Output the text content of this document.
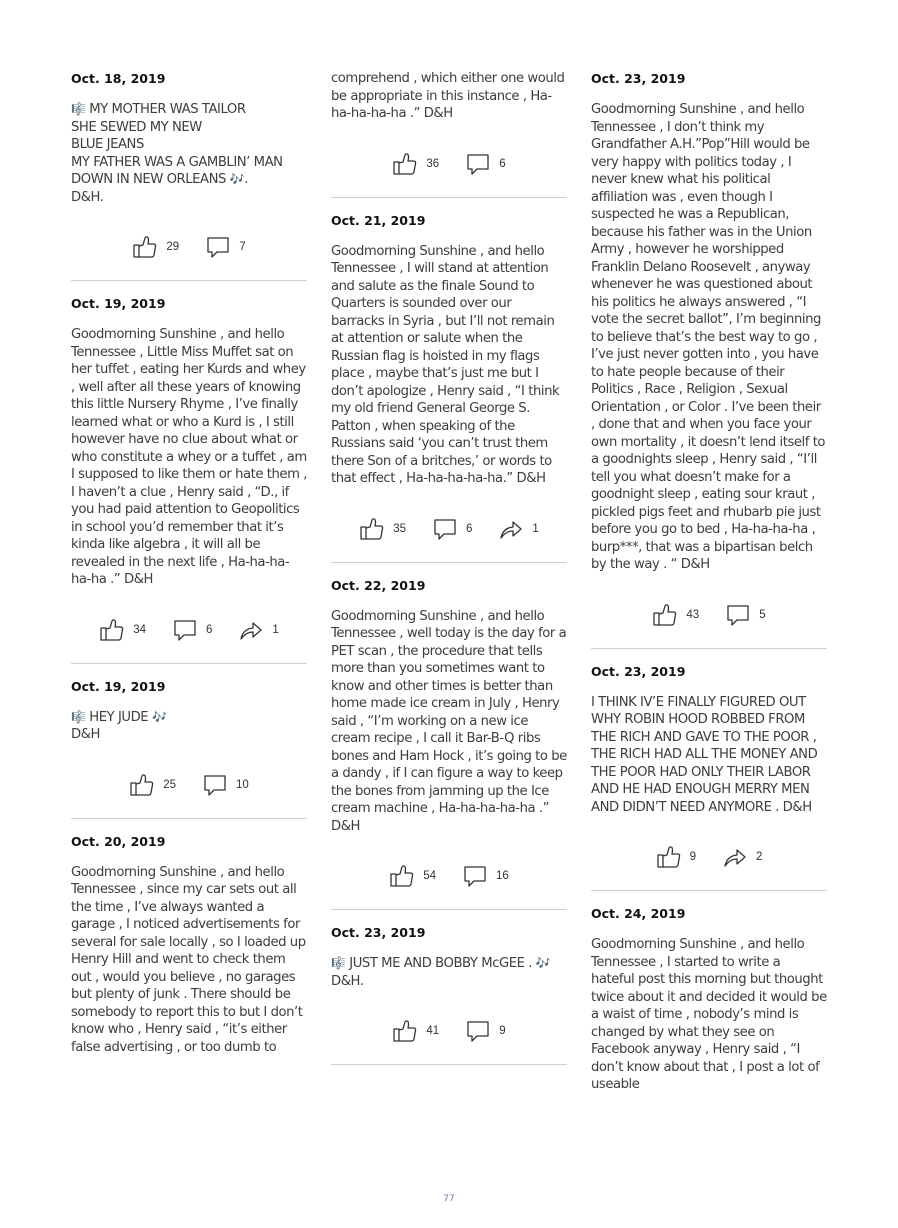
Oct. 18, 2019
🎼 MY MOTHER WAS TAILOR
SHE SEWED MY NEW
BLUE JEANS
MY FATHER WAS A GAMBLIN’ MAN
DOWN IN NEW ORLEANS 🎶.
D&H.
29	7
Oct. 19, 2019
Goodmorning Sunshine , and hello Tennessee , Little Miss Muffet sat on her tuffet , eating her Kurds and whey , well after all these years of knowing this little Nursery Rhyme , I’ve finally learned what or who a Kurd is , I still however have no clue about what or who constitute a whey or a tuffet , am I supposed to like them or hate them , I haven’t a clue , Henry said , “D., if you had paid attention to Geopolitics in school you’d remember that it’s kinda like algebra , it will all be revealed in the next life , Ha-ha-ha-ha-ha .” D&H
34	6	1
Oct. 19, 2019
🎼 HEY JUDE 🎶
D&H
25	10
Oct. 20, 2019
Goodmorning Sunshine , and hello Tennessee , since my car sets out all the time , I’ve always wanted a garage , I noticed advertisements for several for sale locally , so I loaded up Henry Hill and went to check them out , would you believe , no garages but plenty of junk . There should be somebody to report this to but I don’t know who , Henry said , “it’s either false advertising , or too dumb to
comprehend , which either one would be appropriate in this instance , Ha-ha-ha-ha-ha .” D&H
36	6
Oct. 21, 2019
Goodmorning Sunshine , and hello Tennessee , I will stand at attention and salute as the finale Sound to Quarters is sounded over our barracks in Syria , but I’ll not remain at attention or salute when the Russian flag is hoisted in my flags place , maybe that’s just me but I don’t apologize , Henry said , “I think my old friend General George S. Patton , when speaking of the Russians said ‘you can’t trust them there Son of a britches,’ or words to that effect , Ha-ha-ha-ha-ha.” D&H
35	6	1
Oct. 22, 2019
Goodmorning Sunshine , and hello Tennessee , well today is the day for a PET scan , the procedure that tells more than you sometimes want to know and other times is better than home made ice cream in July , Henry said , “I’m working on a new ice cream recipe , I call it Bar-B-Q ribs bones and Ham Hock , it’s going to be a dandy , if I can figure a way to keep the bones from jamming up the Ice cream machine , Ha-ha-ha-ha-ha .” D&H
54	16
Oct. 23, 2019
🎼 JUST ME AND BOBBY McGEE . 🎶
D&H.
41	9
Oct. 23, 2019
Goodmorning Sunshine , and hello Tennessee , I don’t think my Grandfather A.H.”Pop”Hill would be very happy with politics today , I never knew what his political affiliation was , even though I suspected he was a Republican, because his father was in the Union Army , however he worshipped Franklin Delano Roosevelt , anyway whenever he was questioned about his politics he always answered , “I vote the secret ballot”, I’m beginning to believe that’s the best way to go , I’ve just never gotten into , you have to hate people because of their Politics , Race , Religion , Sexual Orientation , or Color . I’ve been their , done that and when you face your own mortality , it doesn’t lend itself to a goodnights sleep , Henry said , “I’ll tell you what doesn’t make for a goodnight sleep , eating sour kraut , pickled pigs feet and rhubarb pie just before you go to bed , Ha-ha-ha-ha , burp***, that was a bipartisan belch by the way . “ D&H
43	5
Oct. 23, 2019
I THINK IV’E FINALLY FIGURED OUT WHY ROBIN HOOD ROBBED FROM THE RICH AND GAVE TO THE POOR , THE RICH HAD ALL THE MONEY AND THE POOR HAD ONLY THEIR LABOR AND HE HAD ENOUGH MERRY MEN AND DIDN’T NEED ANYMORE . D&H
9	2
Oct. 24, 2019
Goodmorning Sunshine , and hello Tennessee , I started to write a hateful post this morning but thought twice about it and decided it would be a waist of time , nobody’s mind is changed by what they see on Facebook anyway , Henry said , “I don’t know about that , I post a lot of useable
77
